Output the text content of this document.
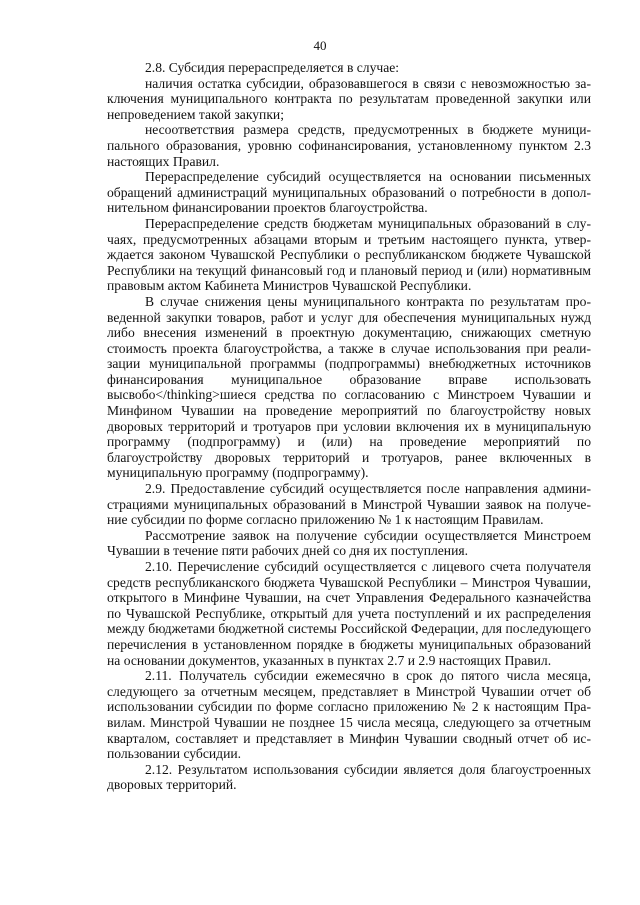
40

2.8. Субсидия перераспределяется в случае:

наличия остатка субсидии, образовавшегося в связи с невозможностью заключения муниципального контракта по результатам проведенной закупки или непроведением такой закупки;

несоответствия размера средств, предусмотренных в бюджете муниципального образования, уровню софинансирования, установленному пунктом 2.3 настоящих Правил.

Перераспределение субсидий осуществляется на основании письменных обращений администраций муниципальных образований о потребности в дополнительном финансировании проектов благоустройства.

Перераспределение средств бюджетам муниципальных образований в случаях, предусмотренных абзацами вторым и третьим настоящего пункта, утверждается законом Чувашской Республики о республиканском бюджете Чувашской Республики на текущий финансовый год и плановый период и (или) нормативным правовым актом Кабинета Министров Чувашской Республики.

В случае снижения цены муниципального контракта по результатам проведенной закупки товаров, работ и услуг для обеспечения муниципальных нужд либо внесения изменений в проектную документацию, снижающих сметную стоимость проекта благоустройства, а также в случае использования при реализации муниципальной программы (подпрограммы) внебюджетных источников финансирования муниципальное образование вправе использовать высвобо</thinking>шиеся средства по согласованию с Минстроем Чувашии и Минфином Чувашии на проведение мероприятий по благоустройству новых дворовых территорий и тротуаров при условии включения их в муниципальную программу (подпрограмму) и (или) на проведение мероприятий по благоустройству дворовых территорий и тротуаров, ранее включенных в муниципальную программу (подпрограмму).

2.9. Предоставление субсидий осуществляется после направления администрациями муниципальных образований в Минстрой Чувашии заявок на получение субсидии по форме согласно приложению № 1 к настоящим Правилам.

Рассмотрение заявок на получение субсидии осуществляется Минстроем Чувашии в течение пяти рабочих дней со дня их поступления.

2.10. Перечисление субсидий осуществляется с лицевого счета получателя средств республиканского бюджета Чувашской Республики – Минстроя Чувашии, открытого в Минфине Чувашии, на счет Управления Федерального казначейства по Чувашской Республике, открытый для учета поступлений и их распределения между бюджетами бюджетной системы Российской Федерации, для последующего перечисления в установленном порядке в бюджеты муниципальных образований на основании документов, указанных в пунктах 2.7 и 2.9 настоящих Правил.

2.11. Получатель субсидии ежемесячно в срок до пятого числа месяца, следующего за отчетным месяцем, представляет в Минстрой Чувашии отчет об использовании субсидии по форме согласно приложению № 2 к настоящим Правилам. Минстрой Чувашии не позднее 15 числа месяца, следующего за отчетным кварталом, составляет и представляет в Минфин Чувашии сводный отчет об использовании субсидии.

2.12. Результатом использования субсидии является доля благоустроенных дворовых территорий.
